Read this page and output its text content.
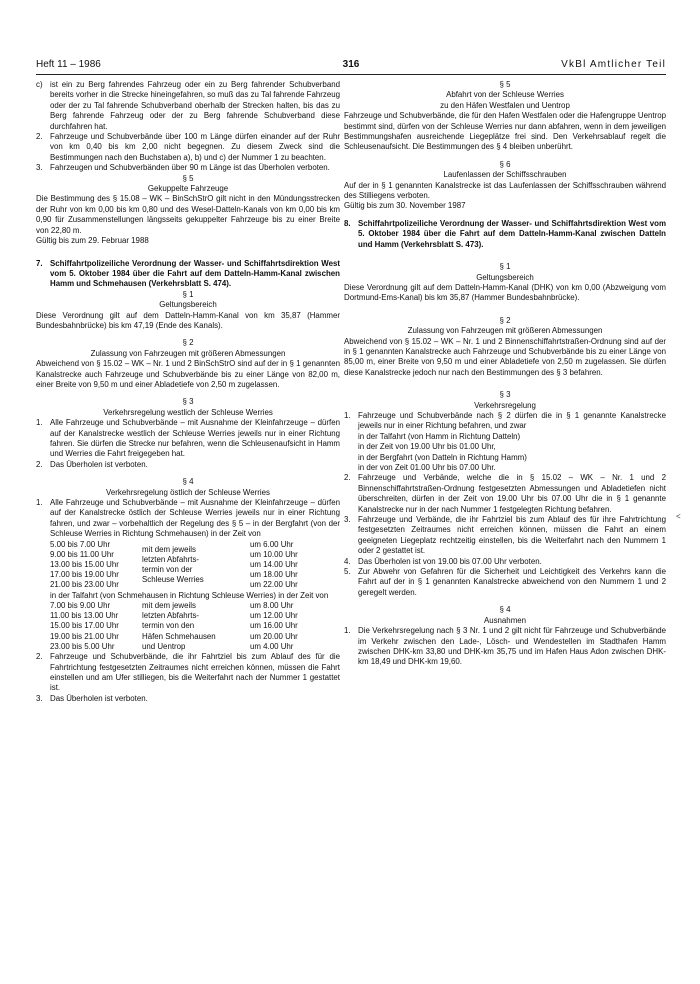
Heft 11 – 1986	316	VkBl Amtlicher Teil

c) ist ein zu Berg fahrendes Fahrzeug oder ein zu Berg fahrender Schubverband bereits vorher in die Strecke hineingefahren, so muß das zu Tal fahrende Fahrzeug oder der zu Tal fahrende Schubverband oberhalb der Strecken halten, bis das zu Berg fahrende Fahrzeug oder der zu Berg fahrende Schubverband diese durchfahren hat.

2. Fahrzeuge und Schubverbände über 100 m Länge dürfen einander auf der Ruhr von km 0,40 bis km 2,00 nicht begegnen. Zu diesem Zweck sind die Bestimmungen nach den Buchstaben a), b) und c) der Nummer 1 zu beachten.

3. Fahrzeugen und Schubverbänden über 90 m Länge ist das Überholen verboten.

§ 5

Gekuppelte Fahrzeuge

Die Bestimmung des § 15.08 – WK – BinSchStrO gilt nicht in den Mündungsstrecken der Ruhr von km 0,00 bis km 0,80 und des Wesel-Datteln-Kanals von km 0,00 bis km 0,90 für Zusammenstellungen längsseits gekuppelter Fahrzeuge bis zu einer Breite von 22,80 m.

Gültig bis zum 29. Februar 1988

7. Schiffahrtpolizeiliche Verordnung der Wasser- und Schiffahrtsdirektion West vom 5. Oktober 1984 über die Fahrt auf dem Datteln-Hamm-Kanal zwischen Hamm und Schmehausen (Verkehrsblatt S. 474).

§ 1

Geltungsbereich

Diese Verordnung gilt auf dem Datteln-Hamm-Kanal von km 35,87 (Hammer Bundesbahnbrücke) bis km 47,19 (Ende des Kanals).

§ 2

Zulassung von Fahrzeugen mit größeren Abmessungen

Abweichend von § 15.02 – WK – Nr. 1 und 2 BinSchStrO sind auf der in § 1 genannten Kanalstrecke auch Fahrzeuge und Schubverbände bis zu einer Länge von 82,00 m, einer Breite von 9,50 m und einer Abladetiefe von 2,50 m zugelassen.

§ 3

Verkehrsregelung westlich der Schleuse Werries

1. Alle Fahrzeuge und Schubverbände – mit Ausnahme der Kleinfahrzeuge – dürfen auf der Kanalstrecke westlich der Schleuse Werries jeweils nur in einer Richtung fahren. Sie dürfen die Strecke nur befahren, wenn die Schleusenaufsicht in Hamm und Werries die Fahrt freigegeben hat.

2. Das Überholen ist verboten.

§ 4

Verkehrsregelung östlich der Schleuse Werries

1. Alle Fahrzeuge und Schubverbände – mit Ausnahme der Kleinfahrzeuge – dürfen auf der Kanalstrecke östlich der Schleuse Werries jeweils nur in einer Richtung fahren, und zwar – vorbehaltlich der Regelung des § 5 – in der Bergfahrt (von der Schleuse Werries in Richtung Schmehausen) in der Zeit von

5.00 bis 7.00 Uhr	mit dem jeweils
letzten Abfahrts-
termin von der
Schleuse Werries	um 6.00 Uhr
9.00 bis 11.00 Uhr		um 10.00 Uhr
13.00 bis 15.00 Uhr		um 14.00 Uhr
17.00 bis 19.00 Uhr		um 18.00 Uhr
21.00 bis 23.00 Uhr		um 22.00 Uhr

in der Talfahrt (von Schmehausen in Richtung Schleuse Werries) in der Zeit von

7.00 bis 9.00 Uhr	mit dem jeweils	um 8.00 Uhr
11.00 bis 13.00 Uhr	letzten Abfahrts-	um 12.00 Uhr
15.00 bis 17.00 Uhr	termin von den	um 16.00 Uhr
19.00 bis 21.00 Uhr	Häfen Schmehausen	um 20.00 Uhr
23.00 bis 5.00 Uhr	und Uentrop	um 4.00 Uhr

2. Fahrzeuge und Schubverbände, die ihr Fahrtziel bis zum Ablauf des für die Fahrtrichtung festgesetzten Zeitraumes nicht erreichen können, müssen die Fahrt einstellen und am Ufer stilliegen, bis die Weiterfahrt nach der Nummer 1 gestattet ist.

3. Das Überholen ist verboten.

§ 5

Abfahrt von der Schleuse Werries

zu den Häfen Westfalen und Uentrop

Fahrzeuge und Schubverbände, die für den Hafen Westfalen oder die Hafengruppe Uentrop bestimmt sind, dürfen von der Schleuse Werries nur dann abfahren, wenn in dem jeweiligen Bestimmungshafen ausreichende Liegeplätze frei sind. Den Verkehrsablauf regelt die Schleusenaufsicht. Die Bestimmungen des § 4 bleiben unberührt.

§ 6

Laufenlassen der Schiffsschrauben

Auf der in § 1 genannten Kanalstrecke ist das Laufenlassen der Schiffsschrauben während des Stilliegens verboten.

Gültig bis zum 30. November 1987

8. Schiffahrtpolizeiliche Verordnung der Wasser- und Schiffahrtsdirektion West vom 5. Oktober 1984 über die Fahrt auf dem Datteln-Hamm-Kanal zwischen Datteln und Hamm (Verkehrsblatt S. 473).

§ 1

Geltungsbereich

Diese Verordnung gilt auf dem Datteln-Hamm-Kanal (DHK) von km 0,00 (Abzweigung vom Dortmund-Ems-Kanal) bis km 35,87 (Hammer Bundesbahnbrücke).

§ 2

Zulassung von Fahrzeugen mit größeren Abmessungen

Abweichend von § 15.02 – WK – Nr. 1 und 2 Binnenschiffahrtstraßen-Ordnung sind auf der in § 1 genannten Kanalstrecke auch Fahrzeuge und Schubverbände bis zu einer Länge von 85,00 m, einer Breite von 9,50 m und einer Abladetiefe von 2,50 m zugelassen. Sie dürfen diese Kanalstrecke jedoch nur nach den Bestimmungen des § 3 befahren.

§ 3

Verkehrsregelung

1. Fahrzeuge und Schubverbände nach § 2 dürfen die in § 1 genannte Kanalstrecke jeweils nur in einer Richtung befahren, und zwar

in der Talfahrt (von Hamm in Richtung Datteln)

in der Zeit von 19.00 Uhr bis 01.00 Uhr,

in der Bergfahrt (von Datteln in Richtung Hamm)

in der von Zeit 01.00 Uhr bis 07.00 Uhr.

2. Fahrzeuge und Verbände, welche die in § 15.02 – WK – Nr. 1 und 2 Binnenschiffahrtstraßen-Ordnung festgesetzten Abmessungen und Abladetiefen nicht überschreiten, dürfen in der Zeit von 19.00 Uhr bis 07.00 Uhr die in § 1 genannte Kanalstrecke nur in der nach Nummer 1 festgelegten Richtung befahren.

3. Fahrzeuge und Verbände, die ihr Fahrtziel bis zum Ablauf des für ihre Fahrtrichtung festgesetzten Zeitraumes nicht erreichen können, müssen die Fahrt an einem geeigneten Liegeplatz rechtzeitig einstellen, bis die Weiterfahrt nach den Nummern 1 oder 2 gestattet ist.

4. Das Überholen ist von 19.00 bis 07.00 Uhr verboten.

5. Zur Abwehr von Gefahren für die Sicherheit und Leichtigkeit des Verkehrs kann die Fahrt auf der in § 1 genannten Kanalstrecke abweichend von den Nummern 1 und 2 geregelt werden.

§ 4

Ausnahmen

1. Die Verkehrsregelung nach § 3 Nr. 1 und 2 gilt nicht für Fahrzeuge und Schubverbände im Verkehr zwischen den Lade-, Lösch- und Wendestellen im Stadthafen Hamm zwischen DHK-km 33,80 und DHK-km 35,75 und im Hafen Haus Adon zwischen DHK-km 18,49 und DHK-km 19,60.

<
